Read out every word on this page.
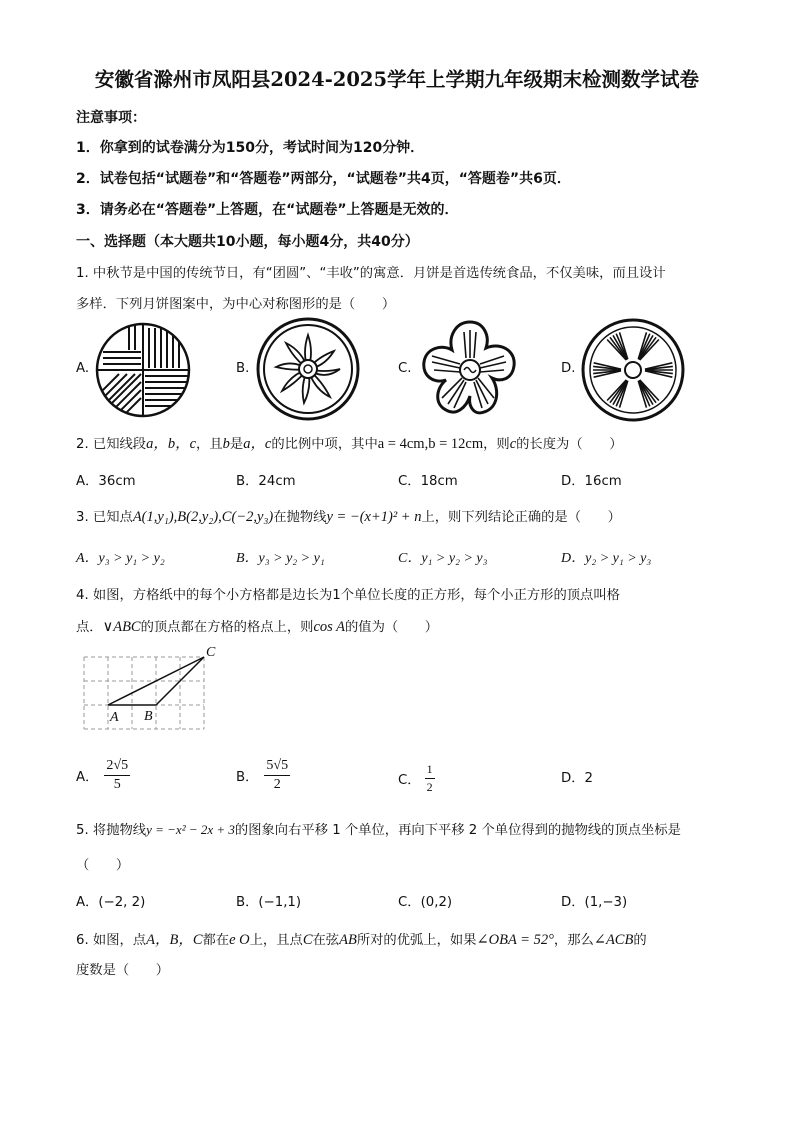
安徽省滁州市凤阳县2024-2025学年上学期九年级期末检测数学试卷
注意事项：
1．你拿到的试卷满分为150分，考试时间为120分钟．
2．试卷包括“试题卷”和“答题卷”两部分，“试题卷”共4页，“答题卷”共6页．
3．请务必在“答题卷”上答题，在“试题卷”上答题是无效的．
一、选择题（本大题共10小题，每小题4分，共40分）
1. 中秋节是中国的传统节日，有“团圆”、“丰收”的寓意．月饼是首选传统食品，不仅美味，而且设计
多样．下列月饼图案中，为中心对称图形的是（　　）
A.	B.	C.	D.
2. 已知线段a，b，c，且b是a，c的比例中项，其中a = 4cm,b = 12cm，则c的长度为（　　）
A．36cm	B．24cm	C．18cm	D．16cm
3. 已知点A(1,y₁),B(2,y₂),C(−2,y₃)在抛物线y = −(x+1)² + n上，则下列结论正确的是（　　）
A．y₃ > y₁ > y₂	B．y₃ > y₂ > y₁	C．y₁ > y₂ > y₃	D．y₂ > y₁ > y₃
4. 如图，方格纸中的每个小方格都是边长为1个单位长度的正方形，每个小正方形的顶点叫格
点．∨ABC的顶点都在方格的格点上，则cos A的值为（　　）
C
A B
A． $\frac{2√5}{5}$	B． $\frac{5√5}{2}$	C． $\frac{1}{2}$	D．2
5. 将抛物线y = −x² − 2x + 3的图象向右平移 1 个单位，再向下平移 2 个单位得到的抛物线的顶点坐标是
（　　）
A．(−2, 2)	B．(−1,1)	C．(0,2)	D．(1,−3)
6. 如图，点A，B，C都在e O上，且点C在弦AB所对的优弧上，如果∠OBA = 52°，那么∠ACB的
度数是（　　）
